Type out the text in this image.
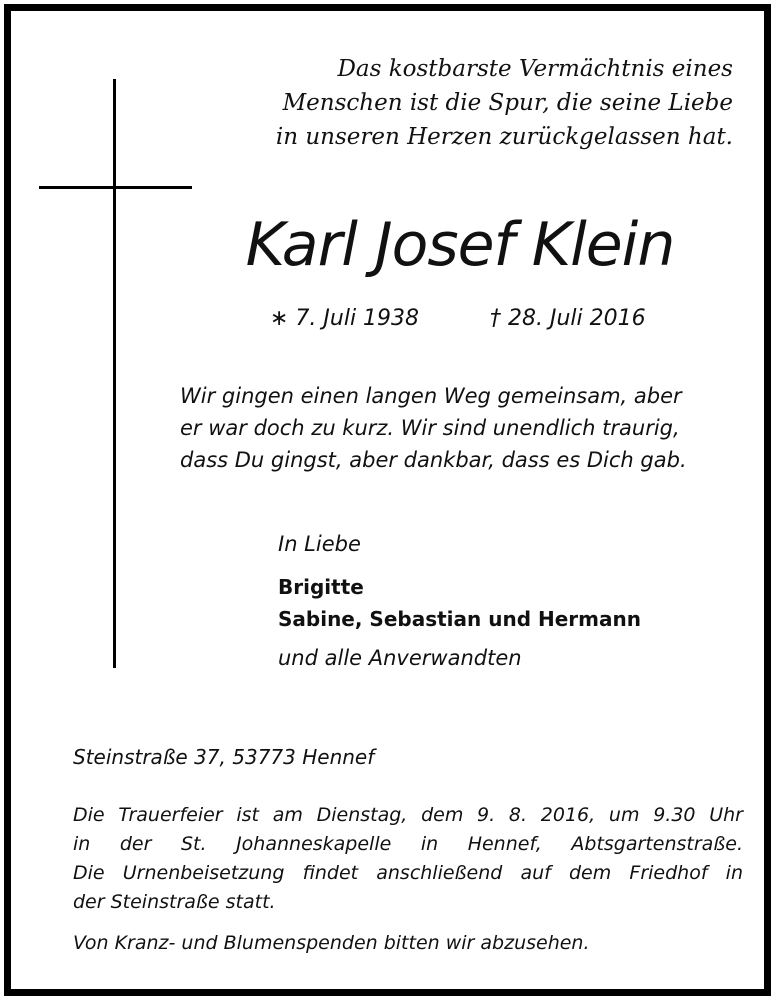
Das kostbarste Vermächtnis eines
Menschen ist die Spur, die seine Liebe
in unseren Herzen zurückgelassen hat.
Karl Josef Klein
∗ 7. Juli 1938	† 28. Juli 2016
Wir gingen einen langen Weg gemeinsam, aber
er war doch zu kurz. Wir sind unendlich traurig,
dass Du gingst, aber dankbar, dass es Dich gab.
In Liebe
Brigitte
Sabine, Sebastian und Hermann
und alle Anverwandten
Steinstraße 37, 53773 Hennef
Die Trauerfeier ist am Dienstag, dem 9. 8. 2016, um 9.30 Uhr
in der St. Johanneskapelle in Hennef, Abtsgartenstraße.
Die Urnenbeisetzung findet anschließend auf dem Friedhof in
der Steinstraße statt.
Von Kranz- und Blumenspenden bitten wir abzusehen.
